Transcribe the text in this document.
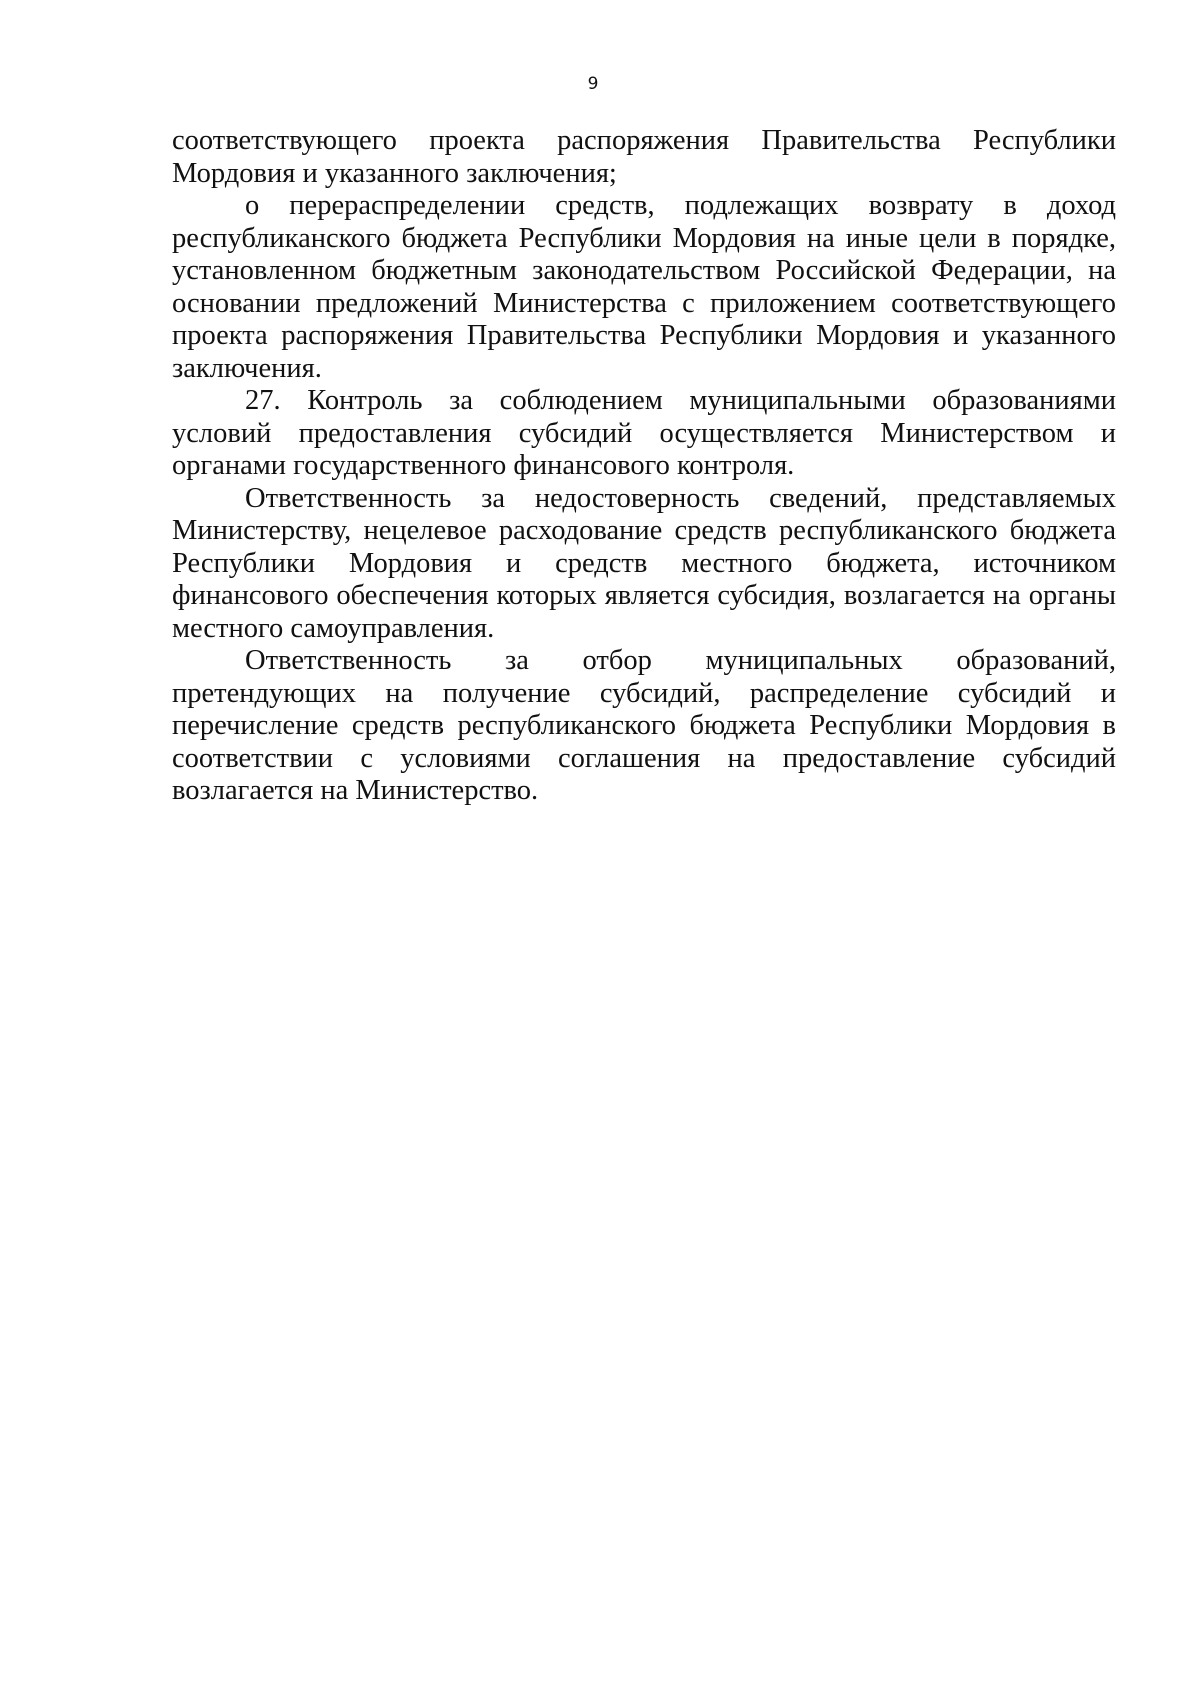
9

соответствующего проекта распоряжения Правительства Республики Мордовия и указанного заключения;

о перераспределении средств, подлежащих возврату в доход республиканского бюджета Республики Мордовия на иные цели в порядке, установленном бюджетным законодательством Российской Федерации, на основании предложений Министерства с приложением соответствующего проекта распоряжения Правительства Республики Мордовия и указанного заключения.

27. Контроль за соблюдением муниципальными образованиями условий предоставления субсидий осуществляется Министерством и органами государственного финансового контроля.

Ответственность за недостоверность сведений, представляемых Министерству, нецелевое расходование средств республиканского бюджета Республики Мордовия и средств местного бюджета, источником финансового обеспечения которых является субсидия, возлагается на органы местного самоуправления.

Ответственность за отбор муниципальных образований, претендующих на получение субсидий, распределение субсидий и перечисление средств республиканского бюджета Республики Мордовия в соответствии с условиями соглашения на предоставление субсидий возлагается на Министерство.
